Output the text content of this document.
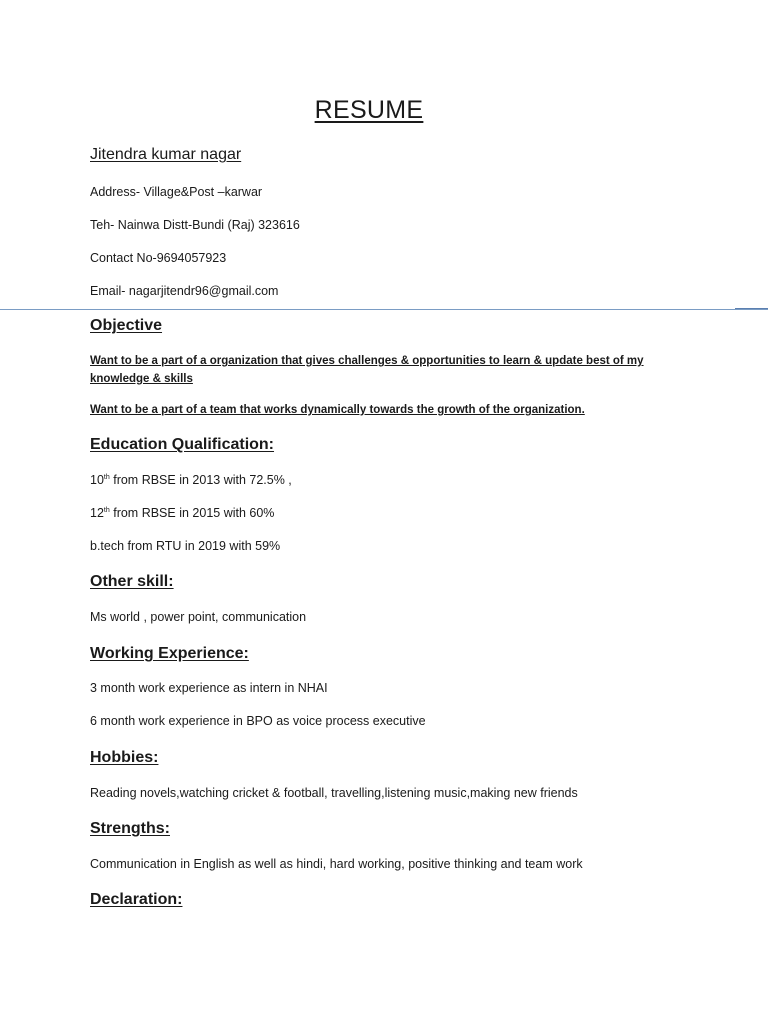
RESUME
Jitendra kumar nagar
Address- Village&Post –karwar
Teh- Nainwa Distt-Bundi (Raj) 323616
Contact No-9694057923
Email- nagarjitendr96@gmail.com
Objective
Want to be a part of a organization that gives challenges & opportunities to learn & update best of my
knowledge & skills
Want to be a part of a team that works dynamically towards the growth of the organization.
Education Qualification:
10th from RBSE in 2013 with 72.5% ,
12th from RBSE in 2015 with 60%
b.tech from RTU in 2019 with 59%
Other skill:
Ms world , power point, communication
Working Experience:
3 month work experience as intern in NHAI
6 month work experience in BPO as voice process executive
Hobbies:
Reading novels,watching cricket & football, travelling,listening music,making new friends
Strengths:
Communication in English as well as hindi, hard working, positive thinking and team work
Declaration:
